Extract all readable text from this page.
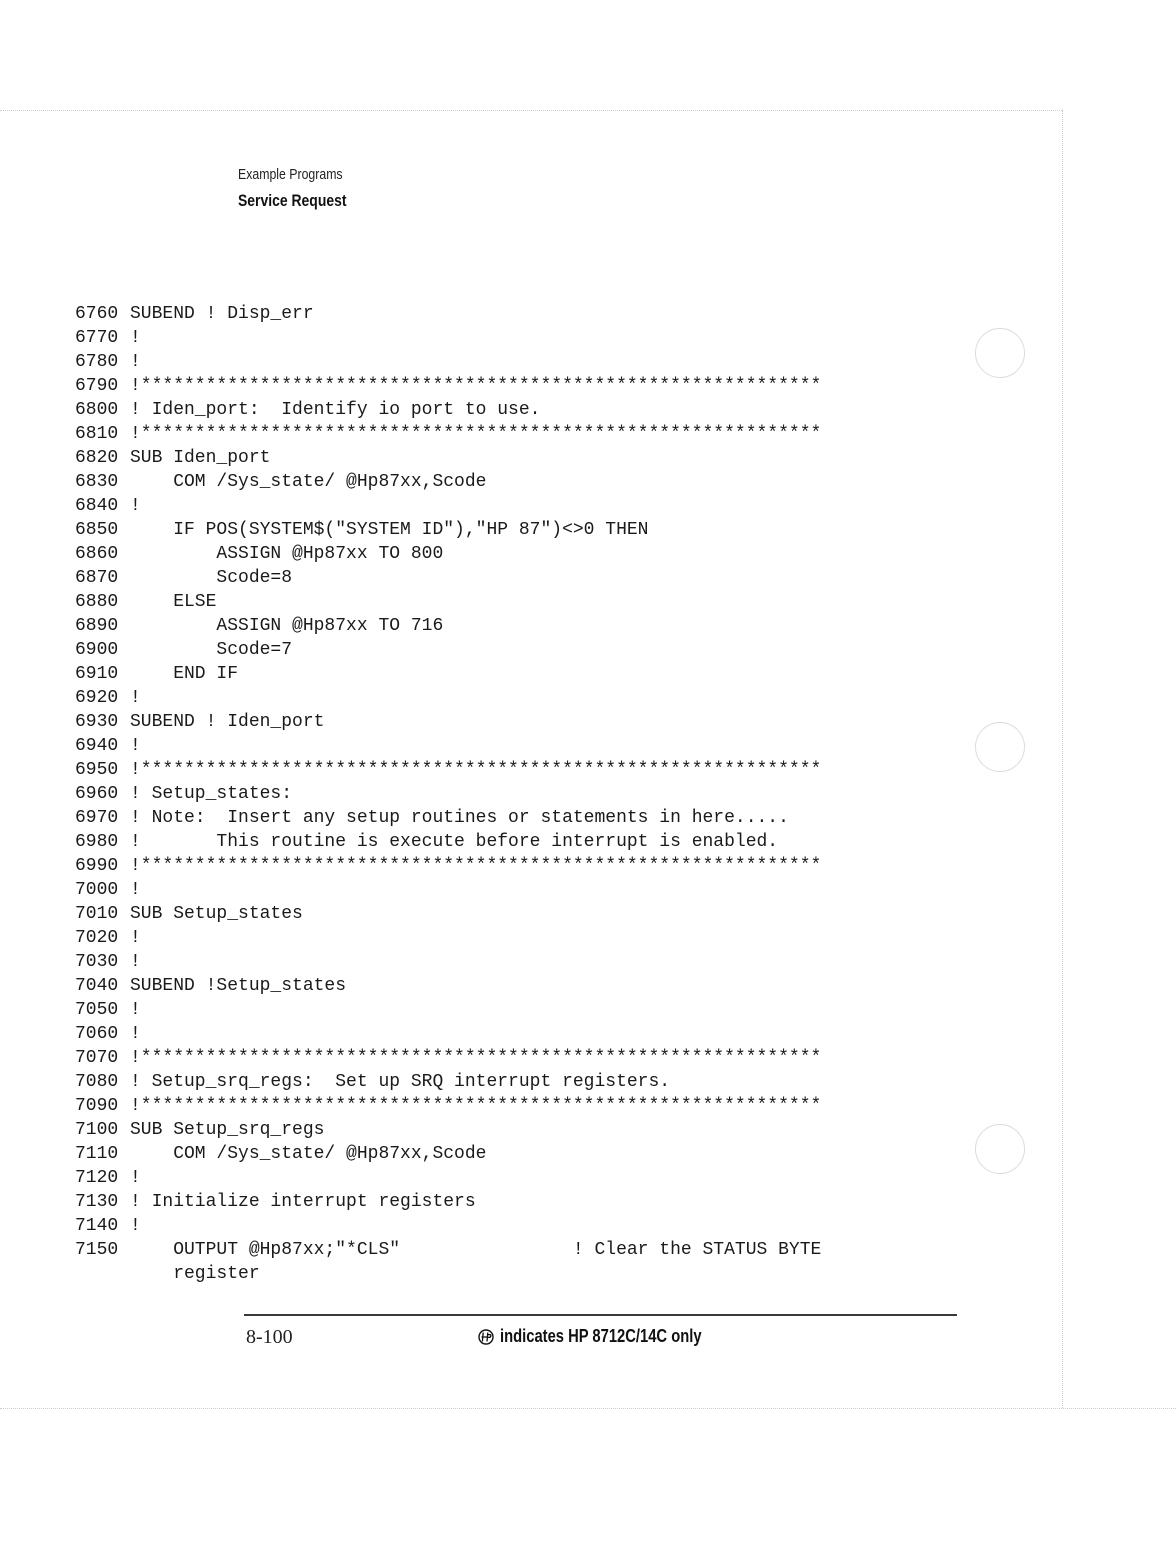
Example Programs
Service Request
6760 SUBEND ! Disp_err
6770 !
6780 !
6790 !***************************************************************
6800 ! Iden_port:  Identify io port to use.
6810 !***************************************************************
6820 SUB Iden_port
6830    COM /Sys_state/ @Hp87xx,Scode
6840 !
6850    IF POS(SYSTEM$("SYSTEM ID"),"HP 87")<>0 THEN
6860        ASSIGN @Hp87xx TO 800
6870        Scode=8
6880    ELSE
6890        ASSIGN @Hp87xx TO 716
6900        Scode=7
6910    END IF
6920 !
6930 SUBEND ! Iden_port
6940 !
6950 !***************************************************************
6960 ! Setup_states:
6970 ! Note:  Insert any setup routines or statements in here.....
6980 !       This routine is execute before interrupt is enabled.
6990 !***************************************************************
7000 !
7010 SUB Setup_states
7020 !
7030 !
7040 SUBEND !Setup_states
7050 !
7060 !
7070 !***************************************************************
7080 ! Setup_srq_regs:  Set up SRQ interrupt registers.
7090 !***************************************************************
7100 SUB Setup_srq_regs
7110    COM /Sys_state/ @Hp87xx,Scode
7120 !
7130 ! Initialize interrupt registers
7140 !
7150    OUTPUT @Hp87xx;"*CLS"                ! Clear the STATUS BYTE
register
8-100	indicates HP 8712C/14C only
